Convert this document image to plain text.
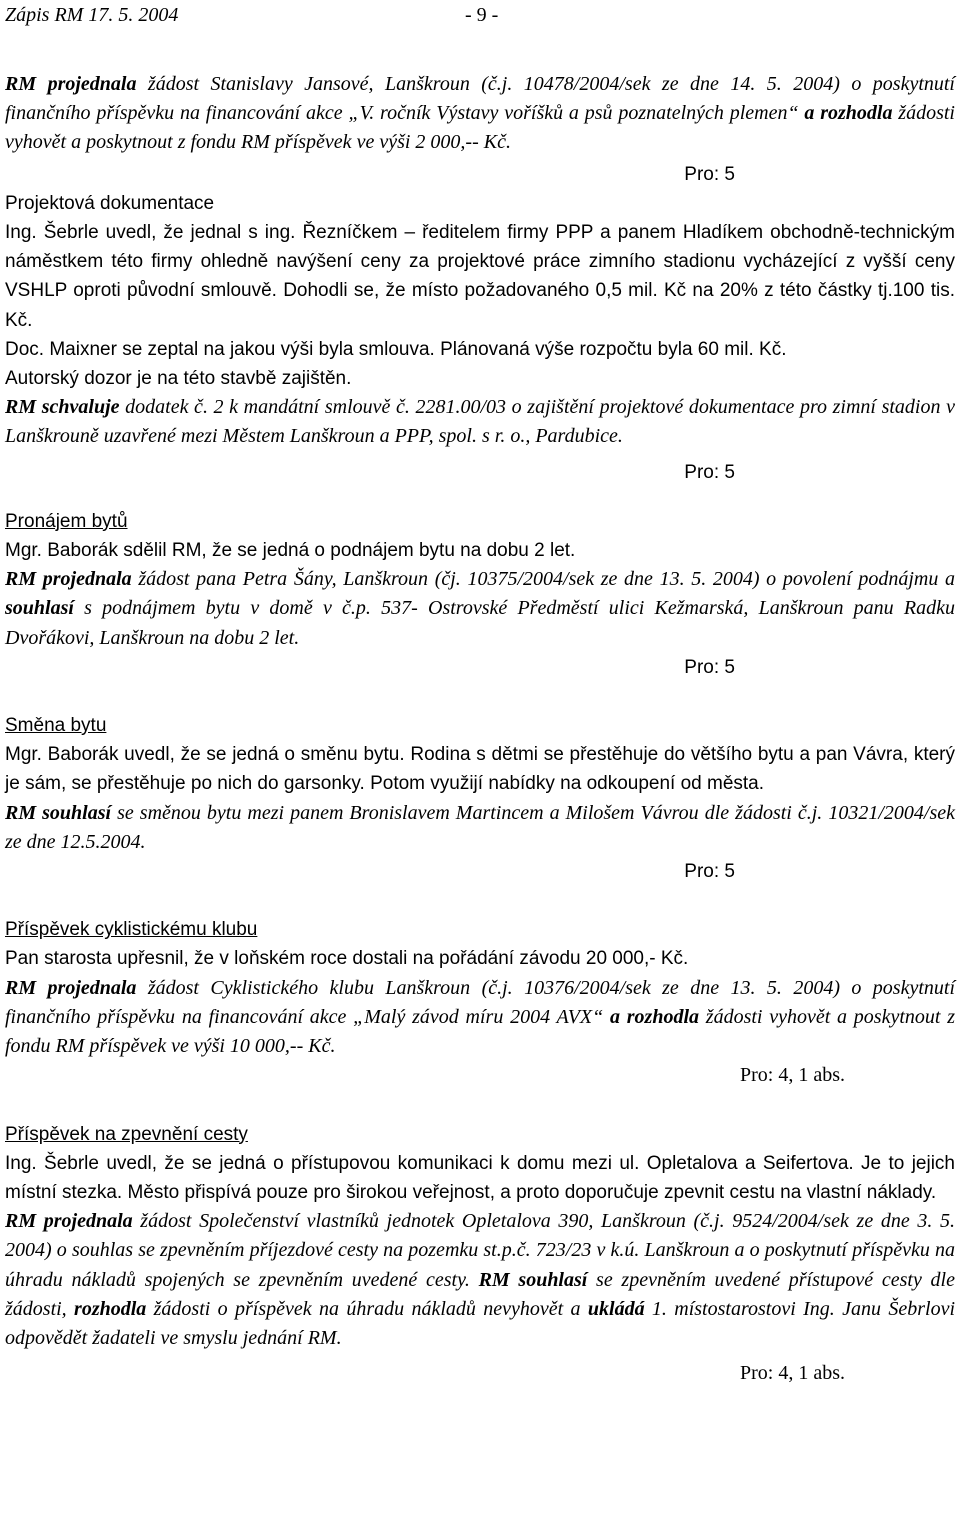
Zápis RM 17. 5. 2004	- 9 -

RM projednala žádost Stanislavy Jansové, Lanškroun (č.j. 10478/2004/sek ze dne 14. 5. 2004) o poskytnutí finančního příspěvku na financování akce „V. ročník Výstavy voříšků a psů poznatelných plemen“ a rozhodla žádosti vyhovět a poskytnout z fondu RM příspěvek ve výši 2 000,-- Kč.

Pro: 5

Projektová dokumentace

Ing. Šebrle uvedl, že jednal s ing. Řezníčkem – ředitelem firmy PPP a panem Hladíkem obchodně-technickým náměstkem této firmy ohledně navýšení ceny za projektové práce zimního stadionu vycházející z vyšší ceny VSHLP oproti původní smlouvě. Dohodli se, že místo požadovaného 0,5 mil. Kč na 20% z této částky tj.100 tis. Kč.

Doc. Maixner se zeptal na jakou výši byla smlouva. Plánovaná výše rozpočtu byla 60 mil. Kč.

Autorský dozor je na této stavbě zajištěn.

RM schvaluje dodatek č. 2 k mandátní smlouvě č. 2281.00/03 o zajištění projektové dokumentace pro zimní stadion v Lanškrouně uzavřené mezi Městem Lanškroun a PPP, spol. s r. o., Pardubice.

Pro: 5

Pronájem bytů

Mgr. Baborák sdělil RM, že se jedná o podnájem bytu na dobu 2 let.

RM projednala žádost pana Petra Šány, Lanškroun (čj. 10375/2004/sek ze dne 13. 5. 2004) o povolení podnájmu a souhlasí s podnájmem bytu v domě v č.p. 537- Ostrovské Předměstí ulici Kežmarská, Lanškroun panu Radku Dvořákovi, Lanškroun na dobu 2 let.

Pro: 5

Směna bytu

Mgr. Baborák uvedl, že se jedná o směnu bytu. Rodina s dětmi se přestěhuje do většího bytu a pan Vávra, který je sám, se přestěhuje po nich do garsonky. Potom využijí nabídky na odkoupení od města.

RM souhlasí se směnou bytu mezi panem Bronislavem Martincem a Milošem Vávrou dle žádosti č.j. 10321/2004/sek ze dne 12.5.2004.

Pro: 5

Příspěvek cyklistickému klubu

Pan starosta upřesnil, že v loňském roce dostali na pořádání závodu 20 000,- Kč.

RM projednala žádost Cyklistického klubu Lanškroun (č.j. 10376/2004/sek ze dne 13. 5. 2004) o poskytnutí finančního příspěvku na financování akce „Malý závod míru 2004 AVX“ a rozhodla žádosti vyhovět a poskytnout z fondu RM příspěvek ve výši 10 000,-- Kč.

Pro: 4, 1 abs.

Příspěvek na zpevnění cesty

Ing. Šebrle uvedl, že se jedná o přístupovou komunikaci k domu mezi ul. Opletalova a Seifertova. Je to jejich místní stezka. Město přispívá pouze pro širokou veřejnost, a proto doporučuje zpevnit cestu na vlastní náklady.

RM projednala žádost Společenství vlastníků jednotek Opletalova 390, Lanškroun (č.j. 9524/2004/sek ze dne 3. 5. 2004) o souhlas se zpevněním příjezdové cesty na pozemku st.p.č. 723/23 v k.ú. Lanškroun a o poskytnutí příspěvku na úhradu nákladů spojených se zpevněním uvedené cesty. RM souhlasí se zpevněním uvedené přístupové cesty dle žádosti, rozhodla žádosti o příspěvek na úhradu nákladů nevyhovět a ukládá 1. místostarostovi Ing. Janu Šebrlovi odpovědět žadateli ve smyslu jednání RM.

Pro: 4, 1 abs.
